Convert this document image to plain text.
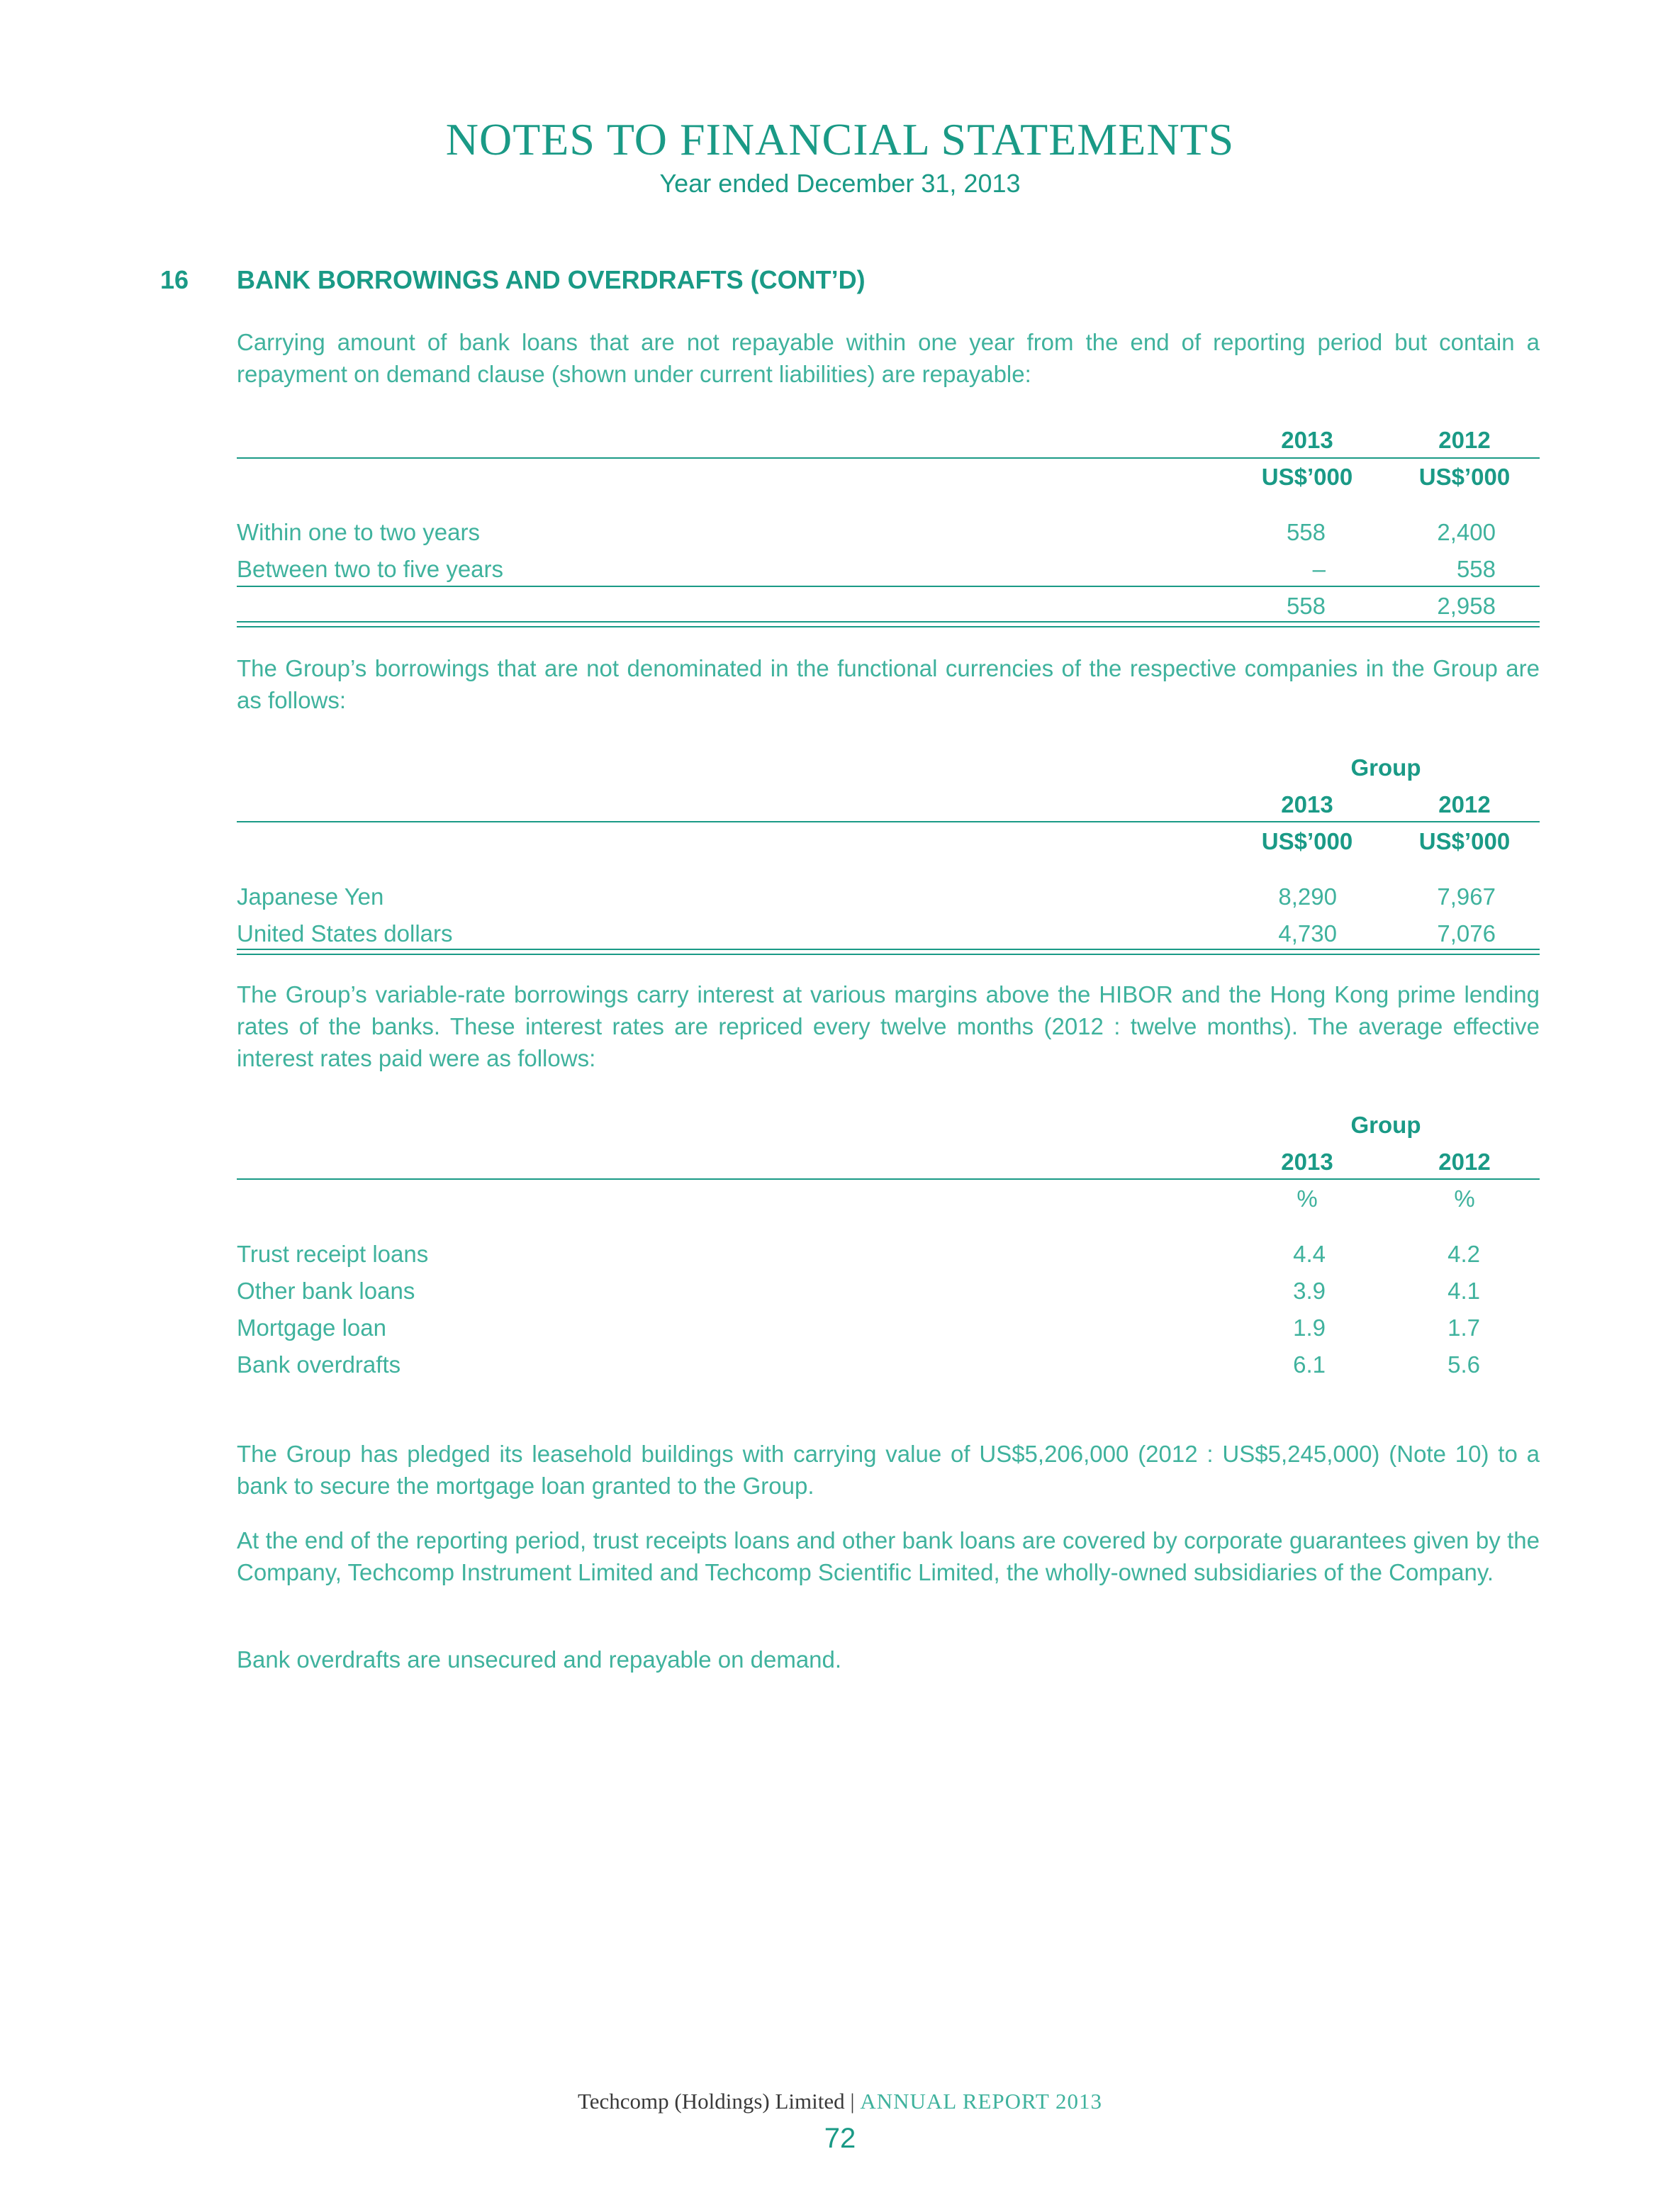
NOTES TO FINANCIAL STATEMENTS
Year ended December 31, 2013
16 BANK BORROWINGS AND OVERDRAFTS (CONT’D)
Carrying amount of bank loans that are not repayable within one year from the end of reporting period but contain a repayment on demand clause (shown under current liabilities) are repayable:
2013	2012
US$’000	US$’000
Within one to two years	558	2,400
Between two to five years	–	558
558	2,958
The Group’s borrowings that are not denominated in the functional currencies of the respective companies in the Group are as follows:
Group
2013	2012
US$’000	US$’000
Japanese Yen	8,290	7,967
United States dollars	4,730	7,076
The Group’s variable-rate borrowings carry interest at various margins above the HIBOR and the Hong Kong prime lending rates of the banks. These interest rates are repriced every twelve months (2012 : twelve months). The average effective interest rates paid were as follows:
Group
2013	2012
%	%
Trust receipt loans	4.4	4.2
Other bank loans	3.9	4.1
Mortgage loan	1.9	1.7
Bank overdrafts	6.1	5.6
The Group has pledged its leasehold buildings with carrying value of US$5,206,000 (2012 : US$5,245,000) (Note 10) to a bank to secure the mortgage loan granted to the Group.
At the end of the reporting period, trust receipts loans and other bank loans are covered by corporate guarantees given by the Company, Techcomp Instrument Limited and Techcomp Scientific Limited, the wholly-owned subsidiaries of the Company.
Bank overdrafts are unsecured and repayable on demand.
Techcomp (Holdings) Limited | ANNUAL REPORT 2013
72
